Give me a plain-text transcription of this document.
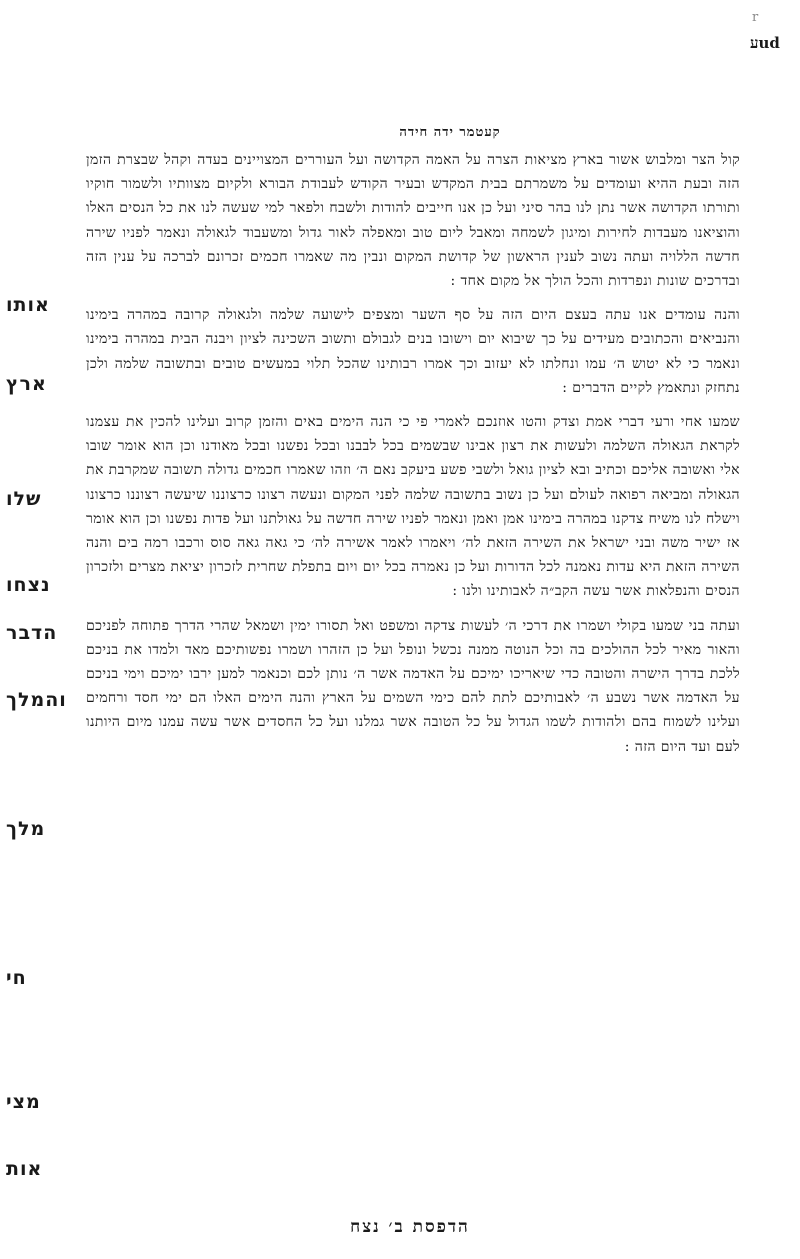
r
udע
קעטמר ידה חידה

קול הצר ומלבוש אשור בארץ מציאות הצרה על האמה הקדושה ועל העוררים המצויינים בעדה וקהל שבצרת הזמן הזה ובעת ההיא ועומדים על משמרתם בבית המקדש ובעיר הקודש לעבודת הבורא ולקיום מצוותיו ולשמור חוקיו ותורתו הקדושה אשר נתן לנו בהר סיני ועל כן אנו חייבים להודות ולשבח ולפאר למי שעשה לנו את כל הנסים האלו והוציאנו מעבדות לחירות ומיגון לשמחה ומאבל ליום טוב ומאפלה לאור גדול ומשעבוד לגאולה ונאמר לפניו שירה חדשה הללויה ועתה נשוב לענין הראשון של קדושת המקום ונבין מה שאמרו חכמים זכרונם לברכה על ענין הזה ובדרכים שונות ונפרדות והכל הולך אל מקום אחד :

והנה עומדים אנו עתה בעצם היום הזה על סף השער ומצפים לישועה שלמה ולגאולה קרובה במהרה בימינו והנביאים והכתובים מעידים על כך שיבוא יום וישובו בנים לגבולם ותשוב השכינה לציון ויבנה הבית במהרה בימינו ונאמר כי לא יטוש ה׳ עמו ונחלתו לא יעזוב וכך אמרו רבותינו שהכל תלוי במעשים טובים ובתשובה שלמה ולכן נתחזק ונתאמץ לקיים הדברים :

שמעו אחי ורעי דברי אמת וצדק והטו אוזנכם לאמרי פי כי הנה הימים באים והזמן קרוב ועלינו להכין את עצמנו לקראת הגאולה השלמה ולעשות את רצון אבינו שבשמים בכל לבבנו ובכל נפשנו ובכל מאודנו וכן הוא אומר שובו אלי ואשובה אליכם וכתיב ובא לציון גואל ולשבי פשע ביעקב נאם ה׳ וזהו שאמרו חכמים גדולה תשובה שמקרבת את הגאולה ומביאה רפואה לעולם ועל כן נשוב בתשובה שלמה לפני המקום ונעשה רצונו כרצוננו שיעשה רצוננו כרצונו וישלח לנו משיח צדקנו במהרה בימינו אמן ואמן ונאמר לפניו שירה חדשה על גאולתנו ועל פדות נפשנו וכן הוא אומר אז ישיר משה ובני ישראל את השירה הזאת לה׳ ויאמרו לאמר אשירה לה׳ כי גאה גאה סוס ורכבו רמה בים והנה השירה הזאת היא עדות נאמנה לכל הדורות ועל כן נאמרה בכל יום ויום בתפלת שחרית לזכרון יציאת מצרים ולזכרון הנסים והנפלאות אשר עשה הקב״ה לאבותינו ולנו :

ועתה בני שמעו בקולי ושמרו את דרכי ה׳ לעשות צדקה ומשפט ואל תסורו ימין ושמאל שהרי הדרך פתוחה לפניכם והאור מאיר לכל ההולכים בה וכל הנוטה ממנה נכשל ונופל ועל כן הזהרו ושמרו נפשותיכם מאד ולמדו את בניכם ללכת בדרך הישרה והטובה כדי שיאריכו ימיכם על האדמה אשר ה׳ נותן לכם וכנאמר למען ירבו ימיכם וימי בניכם על האדמה אשר נשבע ה׳ לאבותיכם לתת להם כימי השמים על הארץ והנה הימים האלו הם ימי חסד ורחמים ועלינו לשמוח בהם ולהודות לשמו הגדול על כל הטובה אשר גמלנו ועל כל החסדים אשר עשה עמנו מיום היותנו לעם ועד היום הזה :

אותו
ארץ
שלו
נצחו
הדבר
והמלך
מלך
חי
מצי
אות
הדפסת ב׳ נצח
